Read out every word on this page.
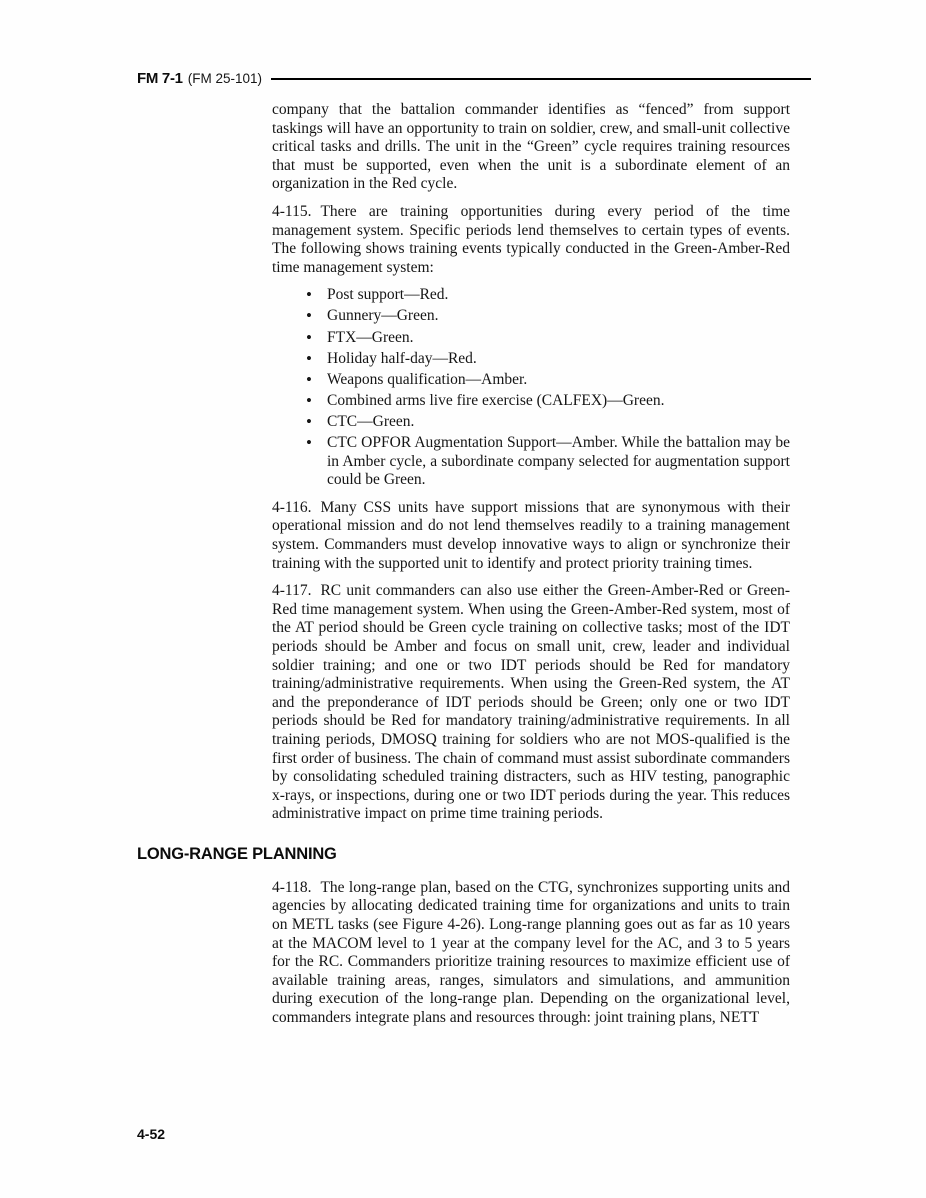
FM 7-1 (FM 25-101)

company that the battalion commander identifies as “fenced” from support taskings will have an opportunity to train on soldier, crew, and small-unit collective critical tasks and drills. The unit in the “Green” cycle requires training resources that must be supported, even when the unit is a subordinate element of an organization in the Red cycle.

4-115. There are training opportunities during every period of the time management system. Specific periods lend themselves to certain types of events. The following shows training events typically conducted in the Green-Amber-Red time management system:

• Post support—Red.
• Gunnery—Green.
• FTX—Green.
• Holiday half-day—Red.
• Weapons qualification—Amber.
• Combined arms live fire exercise (CALFEX)—Green.
• CTC—Green.
• CTC OPFOR Augmentation Support—Amber. While the battalion may be in Amber cycle, a subordinate company selected for augmentation support could be Green.

4-116. Many CSS units have support missions that are synonymous with their operational mission and do not lend themselves readily to a training management system. Commanders must develop innovative ways to align or synchronize their training with the supported unit to identify and protect priority training times.

4-117. RC unit commanders can also use either the Green-Amber-Red or Green-Red time management system. When using the Green-Amber-Red system, most of the AT period should be Green cycle training on collective tasks; most of the IDT periods should be Amber and focus on small unit, crew, leader and individual soldier training; and one or two IDT periods should be Red for mandatory training/administrative requirements. When using the Green-Red system, the AT and the preponderance of IDT periods should be Green; only one or two IDT periods should be Red for mandatory training/administrative requirements. In all training periods, DMOSQ training for soldiers who are not MOS-qualified is the first order of business. The chain of command must assist subordinate commanders by consolidating scheduled training distracters, such as HIV testing, panographic x-rays, or inspections, during one or two IDT periods during the year. This reduces administrative impact on prime time training periods.

LONG-RANGE PLANNING

4-118. The long-range plan, based on the CTG, synchronizes supporting units and agencies by allocating dedicated training time for organizations and units to train on METL tasks (see Figure 4-26). Long-range planning goes out as far as 10 years at the MACOM level to 1 year at the company level for the AC, and 3 to 5 years for the RC. Commanders prioritize training resources to maximize efficient use of available training areas, ranges, simulators and simulations, and ammunition during execution of the long-range plan. Depending on the organizational level, commanders integrate plans and resources through: joint training plans, NETT

4-52
